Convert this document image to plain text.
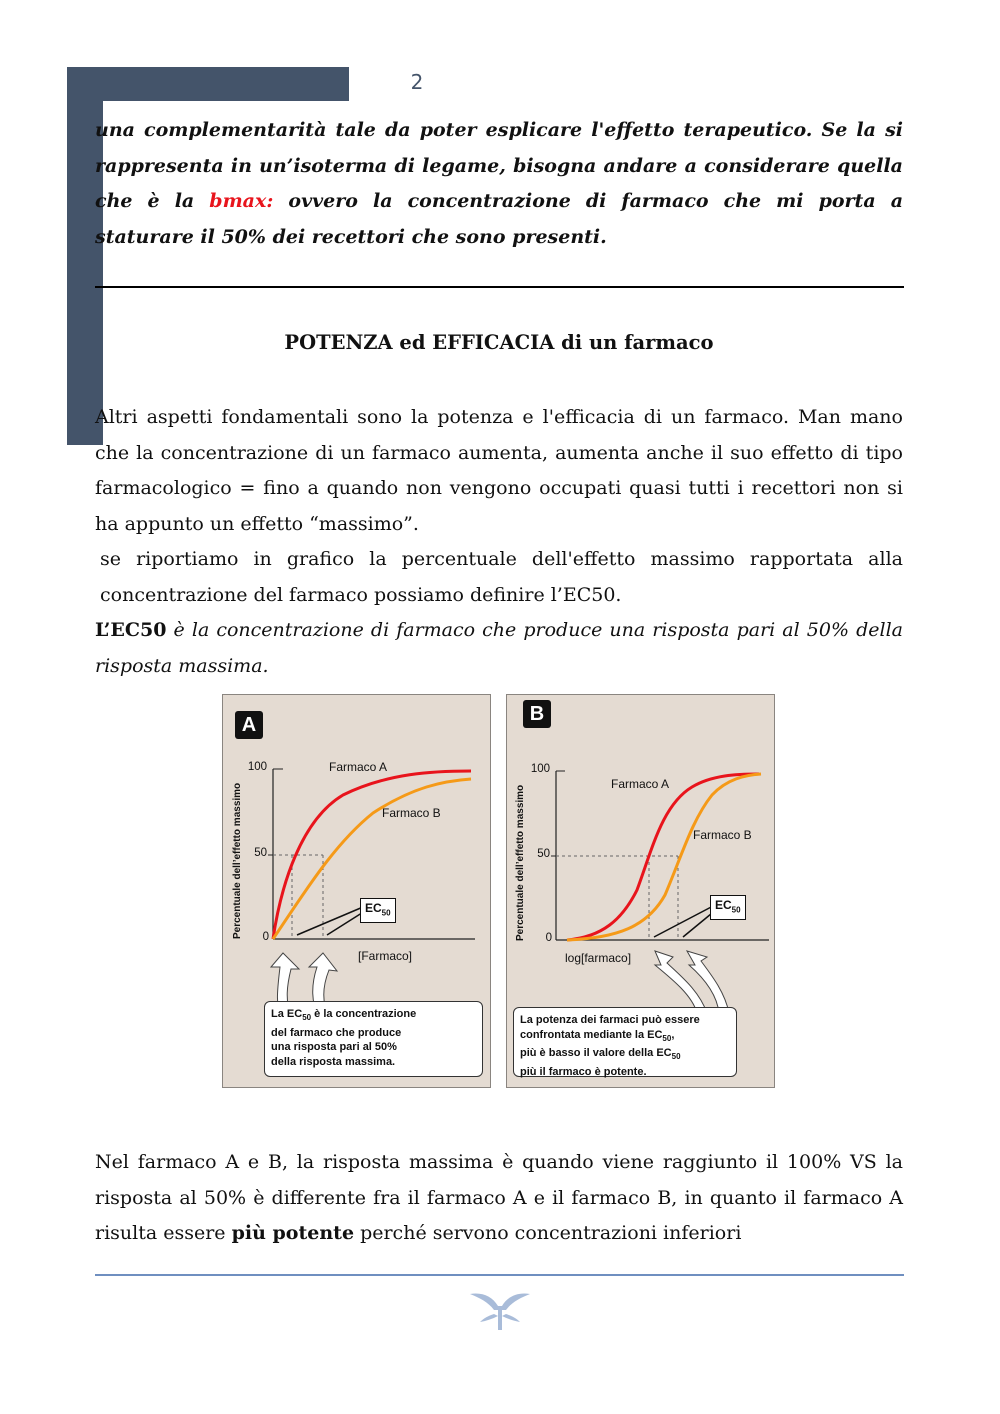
2
una complementarità tale da poter esplicare l'effetto terapeutico. Se la si rappresenta in un’isoterma di legame, bisogna andare a considerare quella che è la bmax: ovvero la concentrazione di farmaco che mi porta a staturare il 50% dei recettori che sono presenti.
POTENZA ed EFFICACIA di un farmaco

Altri aspetti fondamentali sono la potenza e l'efficacia di un farmaco. Man mano che la concentrazione di un farmaco aumenta, aumenta anche il suo effetto di tipo farmacologico = fino a quando non vengono occupati quasi tutti i recettori non si ha appunto un effetto “massimo”.

se riportiamo in grafico la percentuale dell'effetto massimo rapportata alla concentrazione del farmaco possiamo definire l’EC50.

L’EC50 è la concentrazione di farmaco che produce una risposta pari al 50% della risposta massima.

A
Percentuale dell’effetto massimo
100
50
0
Farmaco A
Farmaco B
[Farmaco]
$EC_{50}$
La $EC_{50}$ è la concentrazione
del farmaco che produce
una risposta pari al 50%
della risposta massima.
B
Percentuale dell’effetto massimo
100
50
0
Farmaco A
Farmaco B
log[farmaco]
$EC_{50}$
La potenza dei farmaci può essere
confrontata mediante la $EC_{50}$,
più è basso il valore della $EC_{50}$
più il farmaco è potente.

Nel farmaco A e B, la risposta massima è quando viene raggiunto il 100% VS la risposta al 50% è differente fra il farmaco A e il farmaco B, in quanto il farmaco A risulta essere più potente perché servono concentrazioni inferiori
